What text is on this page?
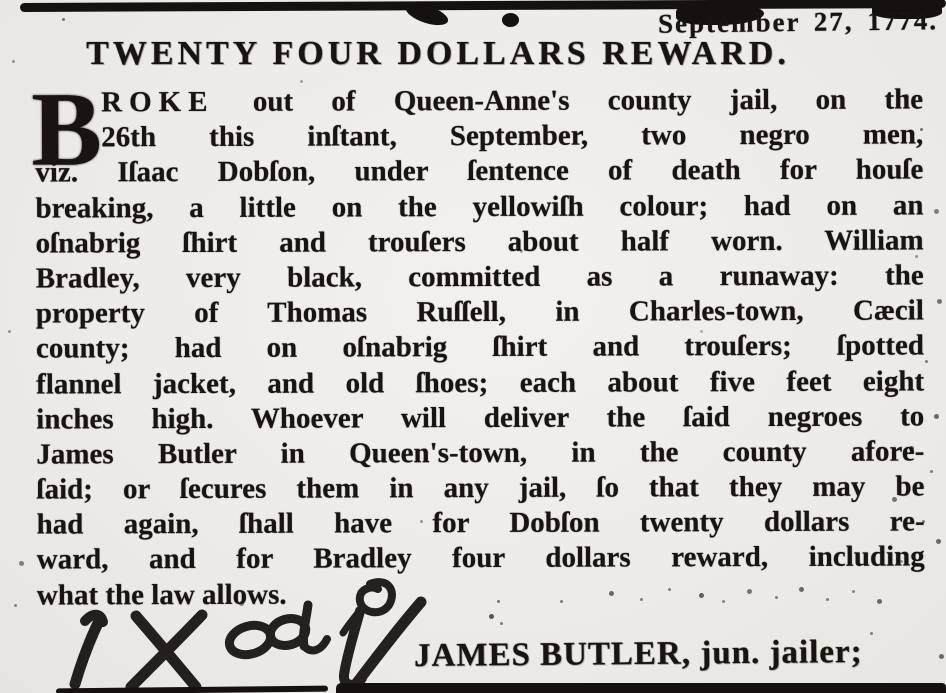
September 27, 1774.
TWENTY FOUR DOLLARS REWARD.
B
ROKE out of Queen-Anne's county jail, on the
26th this inſtant, September, two negro men,
viz. Iſaac Dobſon, under ſentence of death for houſe
breaking, a little on the yellowiſh colour; had on an
oſnabrig ſhirt and trouſers about half worn. William
Bradley, very black, committed as a runaway: the
property of Thomas Ruſſell, in Charles-town, Cæcil
county; had on oſnabrig ſhirt and trouſers; ſpotted
flannel jacket, and old ſhoes; each about five feet eight
inches high. Whoever will deliver the ſaid negroes to
James Butler in Queen's-town, in the county afore-
ſaid; or ſecures them in any jail, ſo that they may be
had again, ſhall have for Dobſon twenty dollars re-
ward, and for Bradley four dollars reward, including
what the law allows.
JAMES BUTLER, jun. jailer;
